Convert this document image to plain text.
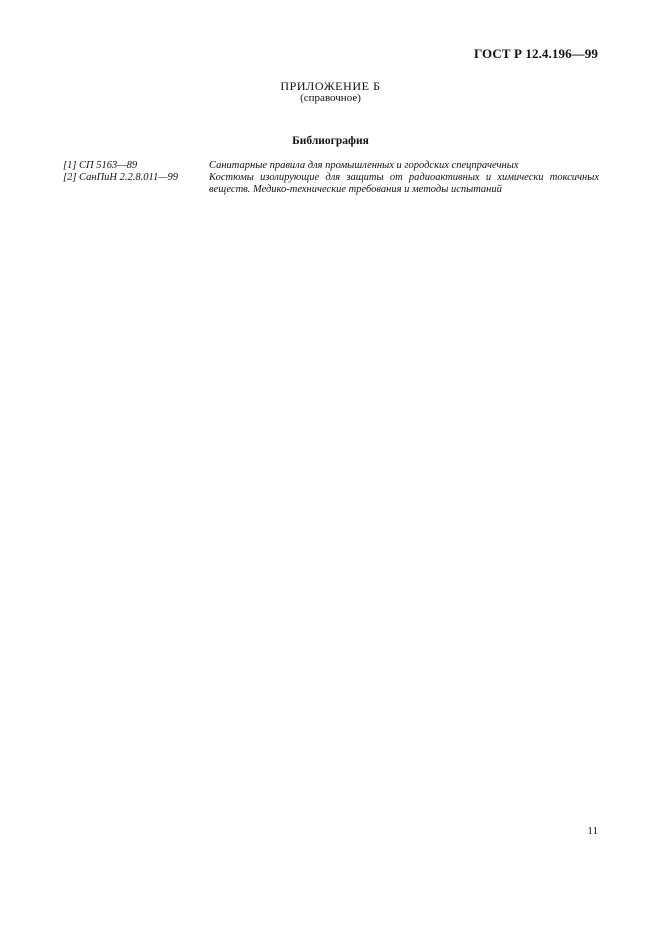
ГОСТ Р 12.4.196—99
ПРИЛОЖЕНИЕ Б
(справочное)
Библиография
[1] СП 5163—89	Санитарные правила для промышленных и городских спецпрачечных
[2] СанПиН 2.2.8.011—99	Костюмы изолирующие для защиты от радиоактивных и химически токсичных веществ. Медико-технические требования и методы испытаний
11
